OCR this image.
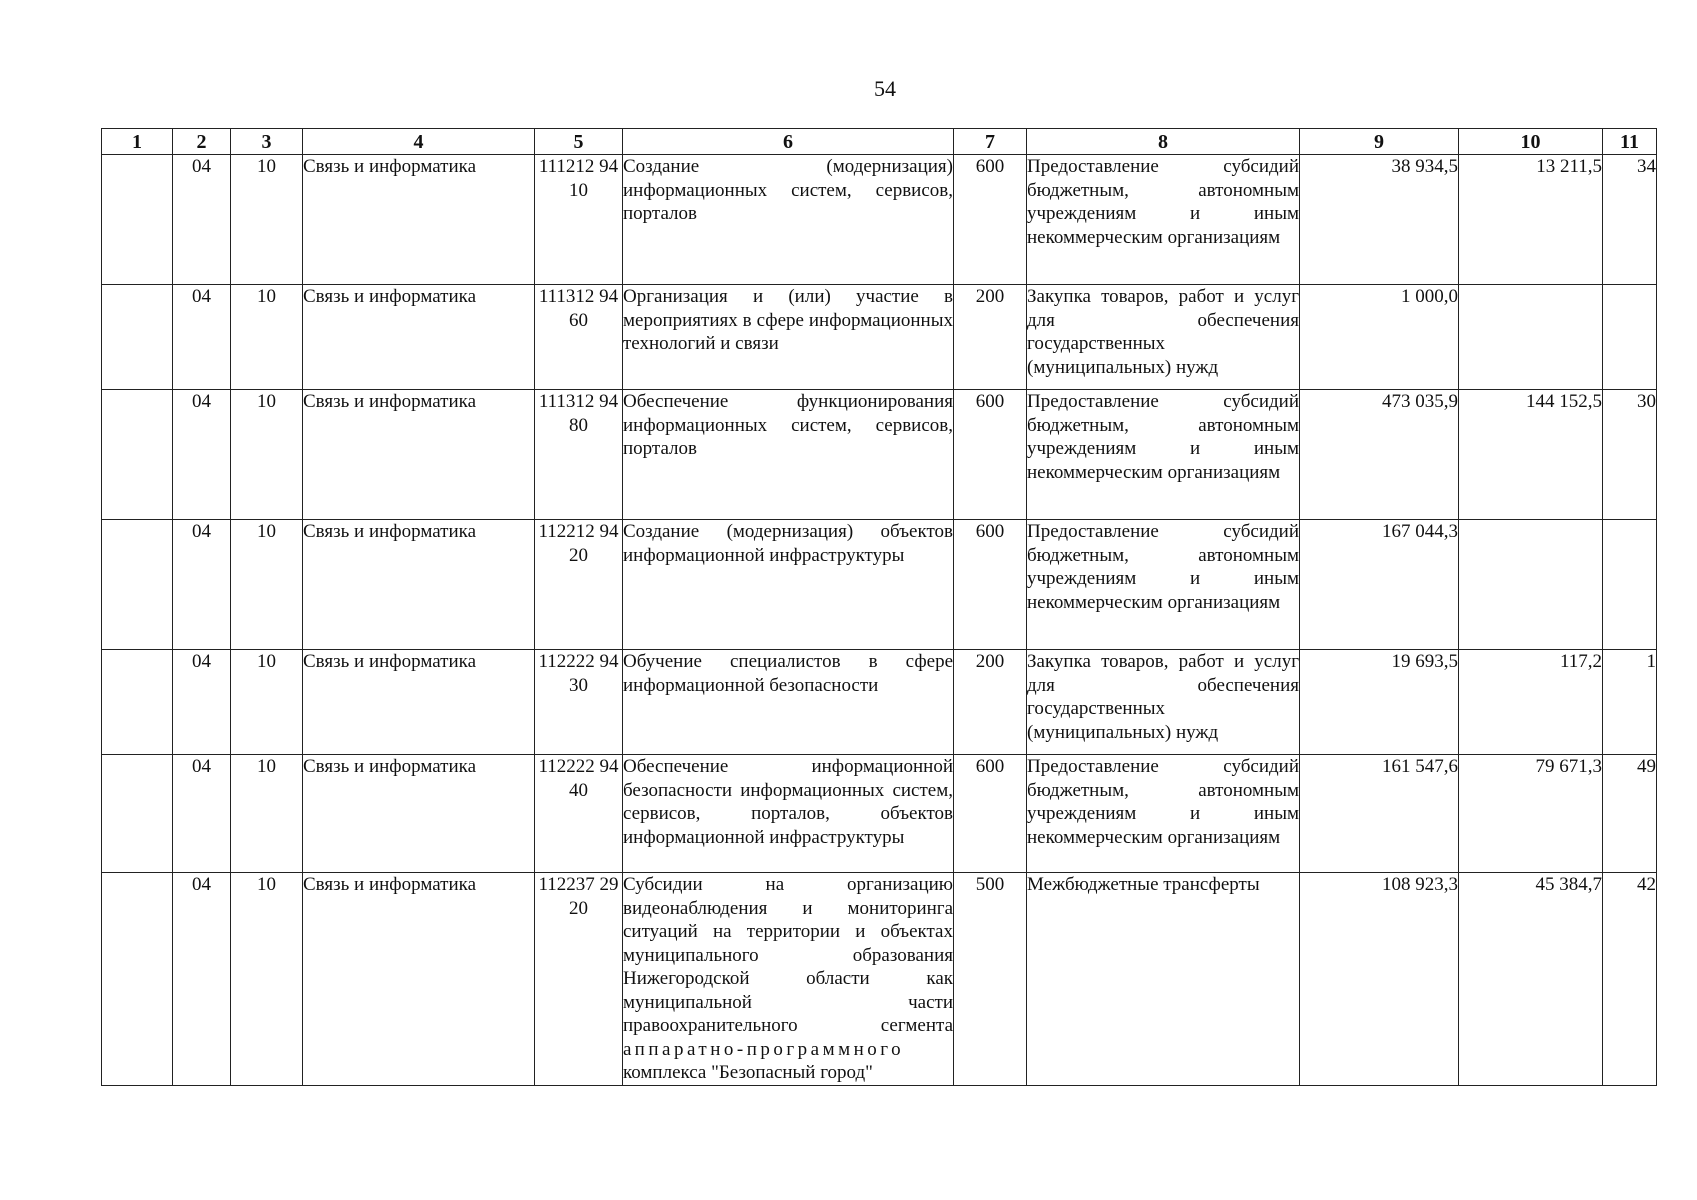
54
1	2	3	4	5	6	7	8	9	10	11
	04	10	Связь и информатика	111212 9410	Создание (модернизация) информационных систем, сервисов, порталов	600	Предоставление субсидий бюджетным, автономным учреждениям и иным некоммерческим организациям	38 934,5	13 211,5	34
	04	10	Связь и информатика	111312 9460	Организация и (или) участие в мероприятиях в сфере информационных технологий и связи	200	Закупка товаров, работ и услуг для обеспечения государственных (муниципальных) нужд	1 000,0		
	04	10	Связь и информатика	111312 9480	Обеспечение функционирования информационных систем, сервисов, порталов	600	Предоставление субсидий бюджетным, автономным учреждениям и иным некоммерческим организациям	473 035,9	144 152,5	30
	04	10	Связь и информатика	112212 9420	Создание (модернизация) объектов информационной инфраструктуры	600	Предоставление субсидий бюджетным, автономным учреждениям и иным некоммерческим организациям	167 044,3		
	04	10	Связь и информатика	112222 9430	Обучение специалистов в сфере информационной безопасности	200	Закупка товаров, работ и услуг для обеспечения государственных (муниципальных) нужд	19 693,5	117,2	1
	04	10	Связь и информатика	112222 9440	Обеспечение информационной безопасности информационных систем, сервисов, порталов, объектов информационной инфраструктуры	600	Предоставление субсидий бюджетным, автономным учреждениям и иным некоммерческим организациям	161 547,6	79 671,3	49
	04	10	Связь и информатика	112237 2920	Субсидии на организацию видеонаблюдения и мониторинга ситуаций на территории и объектах муниципального образования Нижегородской области как муниципальной части правоохранительного сегмента аппаратно-программного комплекса "Безопасный город"	500	Межбюджетные трансферты	108 923,3	45 384,7	42
